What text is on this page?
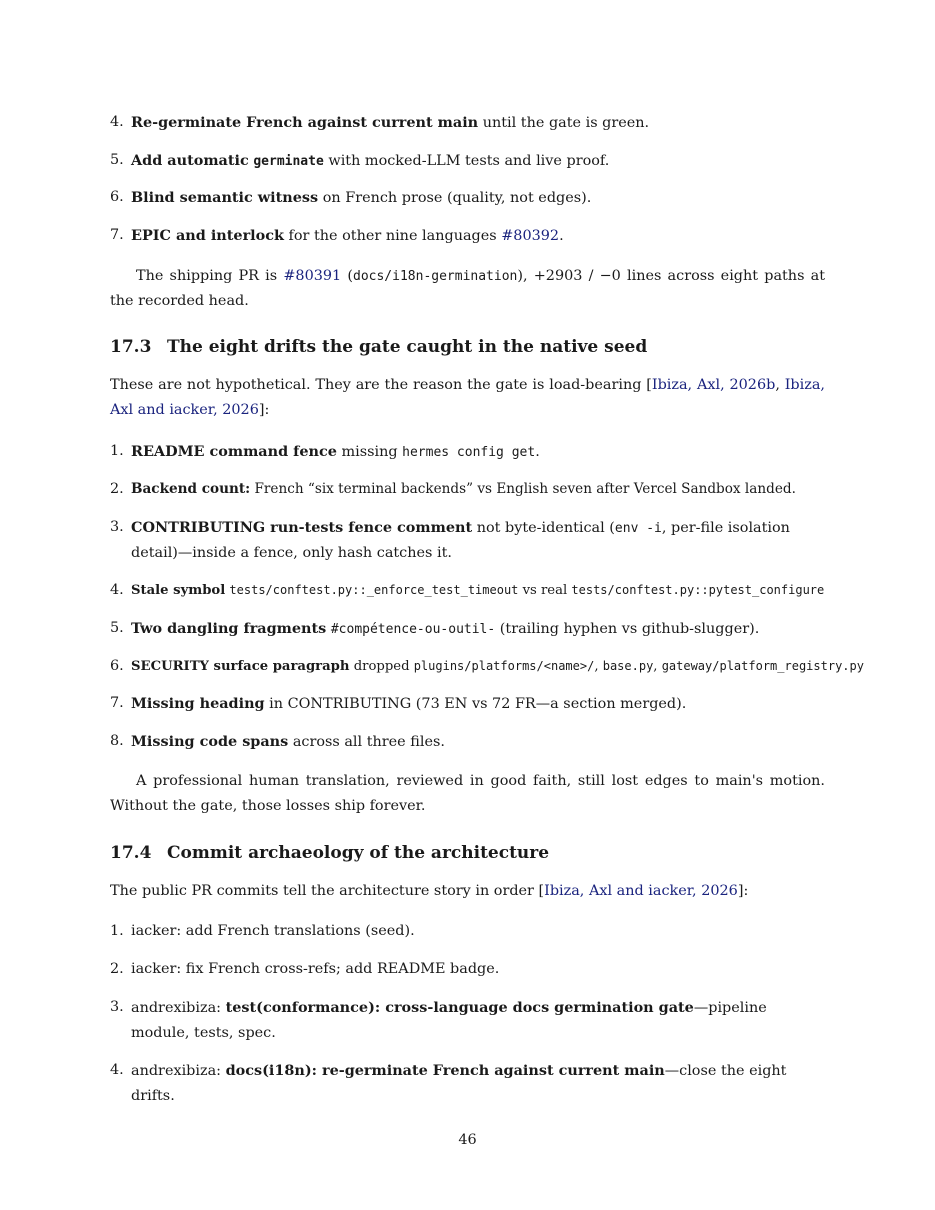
4. Re-germinate French against current main until the gate is green.
5. Add automatic germinate with mocked-LLM tests and live proof.
6. Blind semantic witness on French prose (quality, not edges).
7. EPIC and interlock for the other nine languages #80392.
The shipping PR is #80391 (docs/i18n-germination), +2903 / −0 lines across eight paths at the recorded head.
17.3 The eight drifts the gate caught in the native seed
These are not hypothetical. They are the reason the gate is load-bearing [Ibiza, Axl, 2026b, Ibiza, Axl and iacker, 2026]:
1. README command fence missing hermes config get.
2. Backend count: French “six terminal backends” vs English seven after Vercel Sandbox landed.
3. CONTRIBUTING run-tests fence comment not byte-identical (env -i, per-file isolation detail)—inside a fence, only hash catches it.
4. Stale symbol tests/conftest.py::_enforce_test_timeout vs real tests/conftest.py::pytest_configure
5. Two dangling fragments #compétence-ou-outil- (trailing hyphen vs github-slugger).
6. SECURITY surface paragraph dropped plugins/platforms/<name>/, base.py, gateway/platform_registry.py
7. Missing heading in CONTRIBUTING (73 EN vs 72 FR—a section merged).
8. Missing code spans across all three files.
A professional human translation, reviewed in good faith, still lost edges to main's motion. Without the gate, those losses ship forever.
17.4 Commit archaeology of the architecture
The public PR commits tell the architecture story in order [Ibiza, Axl and iacker, 2026]:
1. iacker: add French translations (seed).
2. iacker: fix French cross-refs; add README badge.
3. andrexibiza: test(conformance): cross-language docs germination gate—pipeline module, tests, spec.
4. andrexibiza: docs(i18n): re-germinate French against current main—close the eight drifts.
46
